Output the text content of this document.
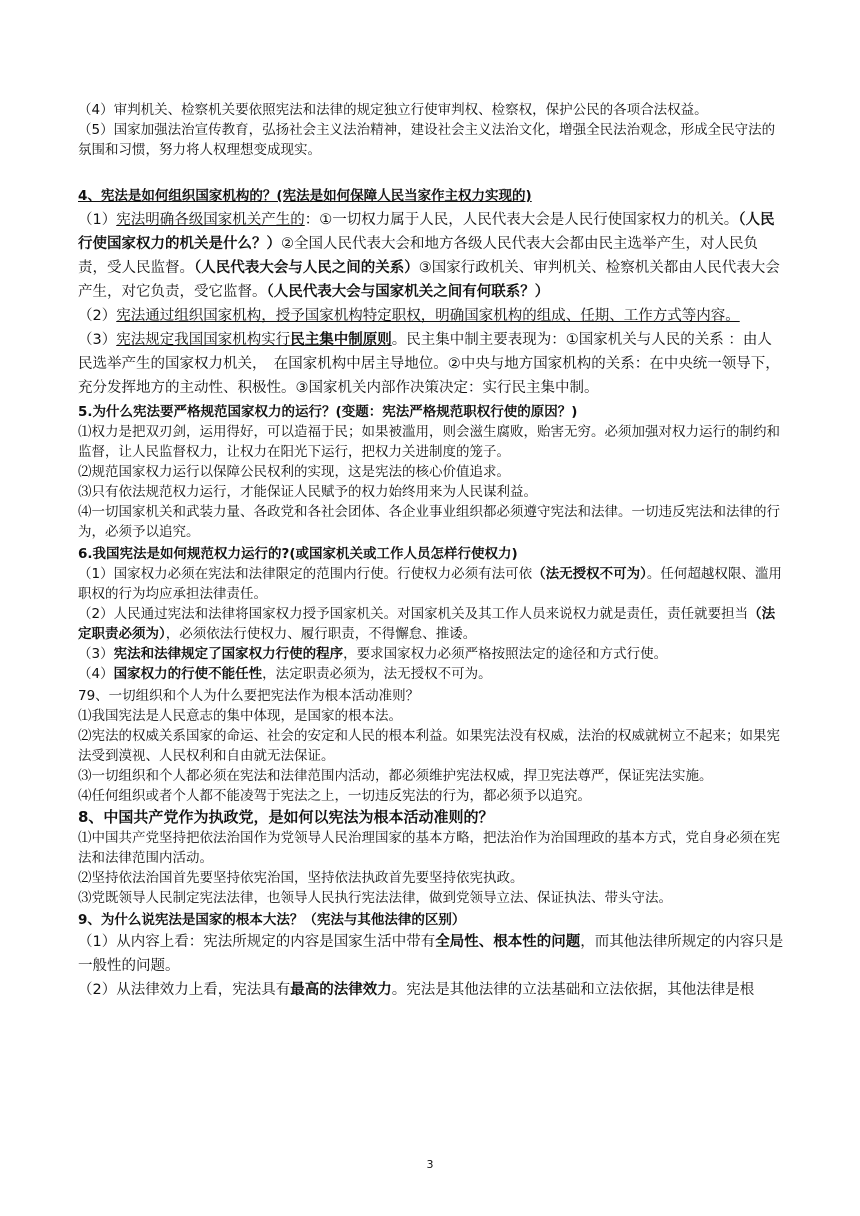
（4）审判机关、检察机关要依照宪法和法律的规定独立行使审判权、检察权，保护公民的各项合法权益。

（5）国家加强法治宣传教育，弘扬社会主义法治精神，建设社会主义法治文化，增强全民法治观念，形成全民守法的氛围和习惯，努力将人权理想变成现实。

4、宪法是如何组织国家机构的？(宪法是如何保障人民当家作主权力实现的)

（1）宪法明确各级国家机关产生的：①一切权力属于人民，人民代表大会是人民行使国家权力的机关。（人民行使国家权力的机关是什么？）②全国人民代表大会和地方各级人民代表大会都由民主选举产生，对人民负责，受人民监督。（人民代表大会与人民之间的关系）③国家行政机关、审判机关、检察机关都由人民代表大会产生，对它负责，受它监督。（人民代表大会与国家机关之间有何联系？）

（2）宪法通过组织国家机构，授予国家机构特定职权，明确国家机构的组成、任期、工作方式等内容。

（3）宪法规定我国国家机构实行民主集中制原则。民主集中制主要表现为：①国家机关与人民的关系 ：由人民选举产生的国家权力机关，　在国家机构中居主导地位。②中央与地方国家机构的关系：在中央统一领导下，充分发挥地方的主动性、积极性。③国家机关内部作决策决定：实行民主集中制。

5.为什么宪法要严格规范国家权力的运行？(变题：宪法严格规范职权行使的原因？)

⑴权力是把双刃剑，运用得好，可以造福于民；如果被滥用，则会滋生腐败，贻害无穷。必须加强对权力运行的制约和监督，让人民监督权力，让权力在阳光下运行，把权力关进制度的笼子。

⑵规范国家权力运行以保障公民权利的实现，这是宪法的核心价值追求。

⑶只有依法规范权力运行，才能保证人民赋予的权力始终用来为人民谋利益。

⑷一切国家机关和武装力量、各政党和各社会团体、各企业事业组织都必须遵守宪法和法律。一切违反宪法和法律的行为，必须予以追究。

6.我国宪法是如何规范权力运行的?(或国家机关或工作人员怎样行使权力)

（1）国家权力必须在宪法和法律限定的范围内行使。行使权力必须有法可依（法无授权不可为）。任何超越权限、滥用职权的行为均应承担法律责任。

（2）人民通过宪法和法律将国家权力授予国家机关。对国家机关及其工作人员来说权力就是责任，责任就要担当（法定职责必须为），必须依法行使权力、履行职责，不得懈怠、推诿。

（3）宪法和法律规定了国家权力行使的程序，要求国家权力必须严格按照法定的途径和方式行使。

（4）国家权力的行使不能任性，法定职责必须为，法无授权不可为。

79、一切组织和个人为什么要把宪法作为根本活动准则？

⑴我国宪法是人民意志的集中体现，是国家的根本法。

⑵宪法的权威关系国家的命运、社会的安定和人民的根本利益。如果宪法没有权威，法治的权威就树立不起来；如果宪法受到漠视、人民权利和自由就无法保证。

⑶一切组织和个人都必须在宪法和法律范围内活动，都必须维护宪法权威，捍卫宪法尊严，保证宪法实施。

⑷任何组织或者个人都不能凌驾于宪法之上，一切违反宪法的行为，都必须予以追究。

8、中国共产党作为执政党，是如何以宪法为根本活动准则的？

⑴中国共产党坚持把依法治国作为党领导人民治理国家的基本方略，把法治作为治国理政的基本方式，党自身必须在宪法和法律范围内活动。

⑵坚持依法治国首先要坚持依宪治国，坚持依法执政首先要坚持依宪执政。

⑶党既领导人民制定宪法法律，也领导人民执行宪法法律，做到党领导立法、保证执法、带头守法。

9、为什么说宪法是国家的根本大法？（宪法与其他法律的区别）

（1）从内容上看：宪法所规定的内容是国家生活中带有全局性、根本性的问题，而其他法律所规定的内容只是一般性的问题。

（2）从法律效力上看，宪法具有最高的法律效力。宪法是其他法律的立法基础和立法依据，其他法律是根

3
